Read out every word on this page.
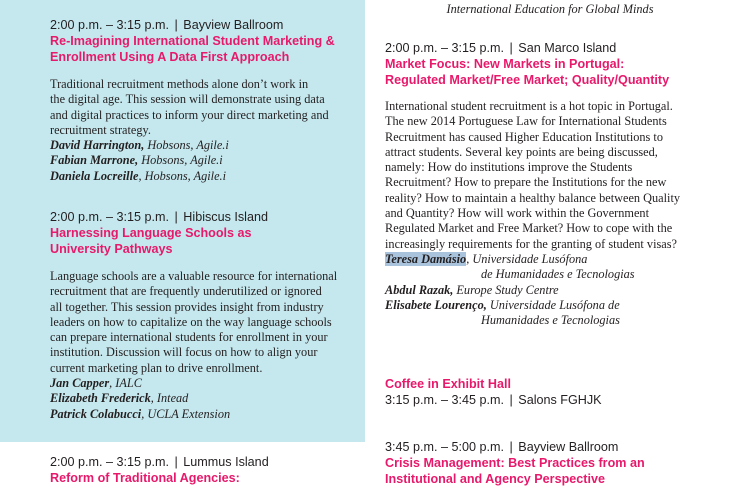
International Education for Global Minds
2:00 p.m. – 3:15 p.m. | Bayview Ballroom
Re-Imagining International Student Marketing &
Enrollment Using A Data First Approach
Traditional recruitment methods alone don’t work in
the digital age. This session will demonstrate using data
and digital practices to inform your direct marketing and
recruitment strategy.
David Harrington, Hobsons, Agile.i
Fabian Marrone, Hobsons, Agile.i
Daniela Locreille, Hobsons, Agile.i
2:00 p.m. – 3:15 p.m. | Hibiscus Island
Harnessing Language Schools as
University Pathways
Language schools are a valuable resource for international
recruitment that are frequently underutilized or ignored
all together. This session provides insight from industry
leaders on how to capitalize on the way language schools
can prepare international students for enrollment in your
institution. Discussion will focus on how to align your
current marketing plan to drive enrollment.
Jan Capper, IALC
Elizabeth Frederick, Intead
Patrick Colabucci, UCLA Extension
2:00 p.m. – 3:15 p.m. | Lummus Island
Reform of Traditional Agencies:
2:00 p.m. – 3:15 p.m. | San Marco Island
Market Focus: New Markets in Portugal:
Regulated Market/Free Market; Quality/Quantity
International student recruitment is a hot topic in Portugal.
The new 2014 Portuguese Law for International Students
Recruitment has caused Higher Education Institutions to
attract students. Several key points are being discussed,
namely: How do institutions improve the Students
Recruitment? How to prepare the Institutions for the new
reality? How to maintain a healthy balance between Quality
and Quantity? How will work within the Government
Regulated Market and Free Market? How to cope with the
increasingly requirements for the granting of student visas?
Teresa Damásio, Universidade Lusófona
de Humanidades e Tecnologias
Abdul Razak, Europe Study Centre
Elisabete Lourenço, Universidade Lusófona de
Humanidades e Tecnologias
Coffee in Exhibit Hall
3:15 p.m. – 3:45 p.m. | Salons FGHJK
3:45 p.m. – 5:00 p.m. | Bayview Ballroom
Crisis Management: Best Practices from an
Institutional and Agency Perspective
